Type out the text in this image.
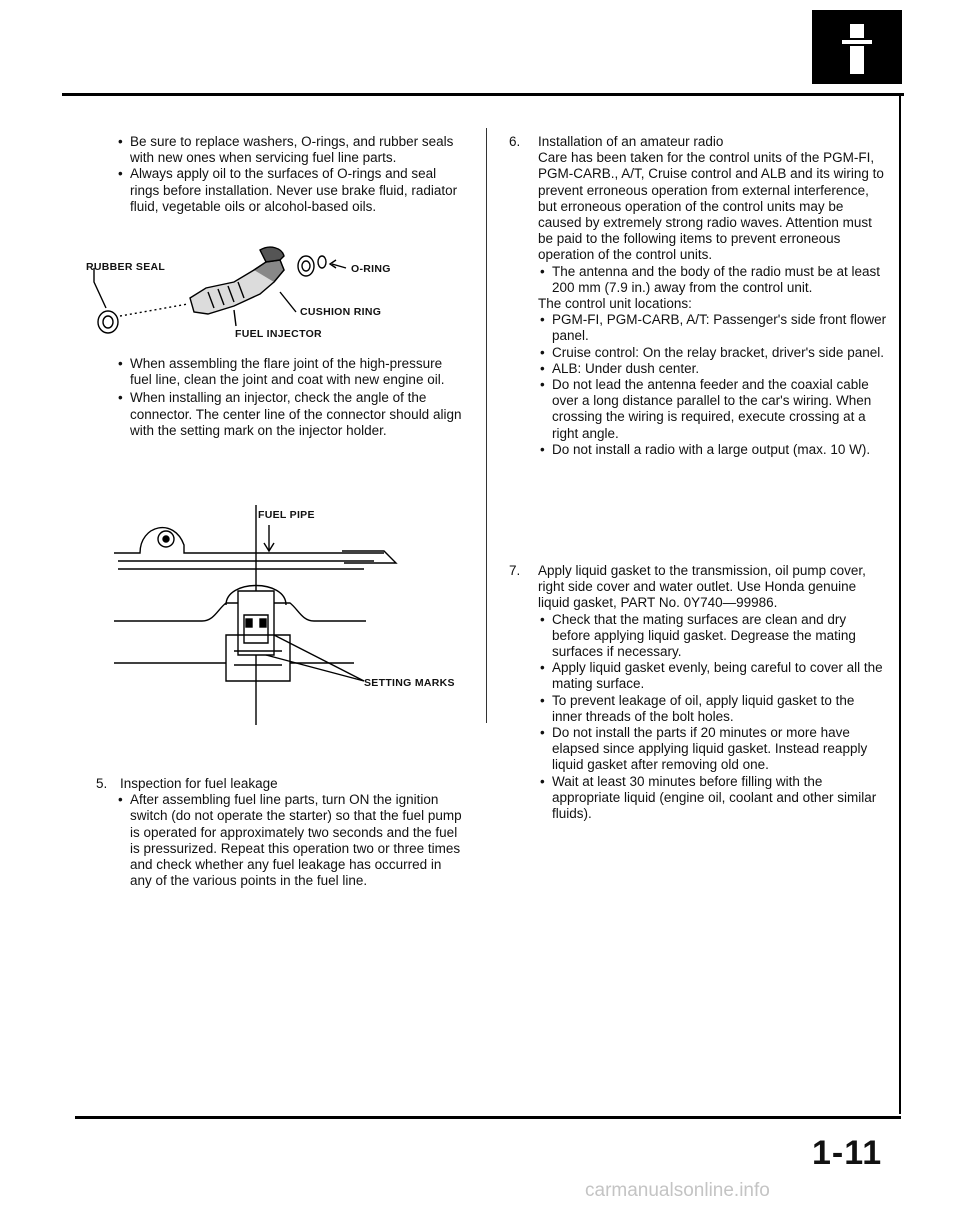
• Be sure to replace washers, O-rings, and rubber seals with new ones when servicing fuel line parts.
• Always apply oil to the surfaces of O-rings and seal rings before installation. Never use brake fluid, radiator fluid, vegetable oils or alcohol-based oils.
RUBBER SEAL	O-RING
CUSHION RING
FUEL INJECTOR
• When assembling the flare joint of the high-pressure fuel line, clean the joint and coat with new engine oil.
• When installing an injector, check the angle of the connector. The center line of the connector should align with the setting mark on the injector holder.
FUEL PIPE
SETTING MARKS
5. Inspection for fuel leakage
• After assembling fuel line parts, turn ON the ignition switch (do not operate the starter) so that the fuel pump is operated for approximately two seconds and the fuel is pressurized. Repeat this operation two or three times and check whether any fuel leakage has occurred in any of the various points in the fuel line.
6. Installation of an amateur radio
Care has been taken for the control units of the PGM-FI, PGM-CARB., A/T, Cruise control and ALB and its wiring to prevent erroneous operation from external interference, but erroneous operation of the control units may be caused by extremely strong radio waves. Attention must be paid to the following items to prevent erroneous operation of the control units.
• The antenna and the body of the radio must be at least 200 mm (7.9 in.) away from the control unit.
The control unit locations:
• PGM-FI, PGM-CARB, A/T: Passenger's side front flower panel.
• Cruise control: On the relay bracket, driver's side panel.
• ALB: Under dush center.
• Do not lead the antenna feeder and the coaxial cable over a long distance parallel to the car's wiring. When crossing the wiring is required, execute crossing at a right angle.
• Do not install a radio with a large output (max. 10 W).
7. Apply liquid gasket to the transmission, oil pump cover, right side cover and water outlet. Use Honda genuine liquid gasket, PART No. 0Y740—99986.
• Check that the mating surfaces are clean and dry before applying liquid gasket. Degrease the mating surfaces if necessary.
• Apply liquid gasket evenly, being careful to cover all the mating surface.
• To prevent leakage of oil, apply liquid gasket to the inner threads of the bolt holes.
• Do not install the parts if 20 minutes or more have elapsed since applying liquid gasket. Instead reapply liquid gasket after removing old one.
• Wait at least 30 minutes before filling with the appropriate liquid (engine oil, coolant and other similar fluids).
1-11
carmanualsonline.info
